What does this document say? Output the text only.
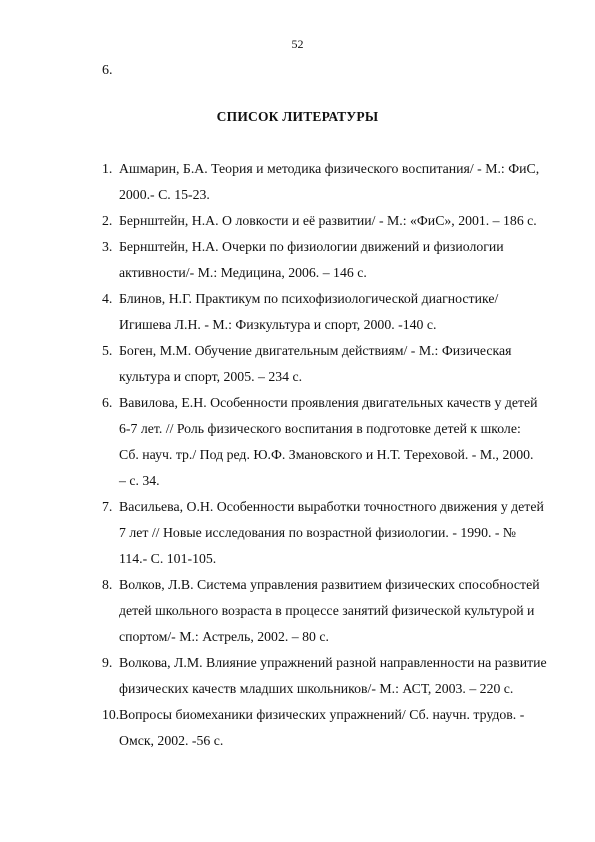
52
6.
СПИСОК ЛИТЕРАТУРЫ
1. Ашмарин, Б.А. Теория и методика физического воспитания/ - М.: ФиС,
2000.- С. 15-23.
2. Бернштейн, Н.А. О ловкости и её развитии/ - М.: «ФиС», 2001. – 186 с.
3. Бернштейн, Н.А. Очерки по физиологии движений и физиологии
активности/- М.: Медицина, 2006. – 146 с.
4. Блинов, Н.Г. Практикум по психофизиологической диагностике/
Игишева Л.Н. - М.: Физкультура и спорт, 2000. -140 с.
5. Боген, М.М. Обучение двигательным действиям/ - М.: Физическая
культура и спорт, 2005. – 234 с.
6. Вавилова, Е.Н. Особенности проявления двигательных качеств у детей
6-7 лет. // Роль физического воспитания в подготовке детей к школе:
Сб. науч. тр./ Под ред. Ю.Ф. Змановского и Н.Т. Тереховой. - М., 2000.
– с. 34.
7. Васильева, О.Н. Особенности выработки точностного движения у детей
7 лет // Новые исследования по возрастной физиологии. - 1990. - №
114.- С. 101-105.
8. Волков, Л.В. Система управления развитием физических способностей
детей школьного возраста в процессе занятий физической культурой и
спортом/- М.: Астрель, 2002. – 80 с.
9. Волкова, Л.М. Влияние упражнений разной направленности на развитие
физических качеств младших школьников/- М.: АСТ, 2003. – 220 с.
10. Вопросы биомеханики физических упражнений/ Сб. научн. трудов. -
Омск, 2002. -56 с.
